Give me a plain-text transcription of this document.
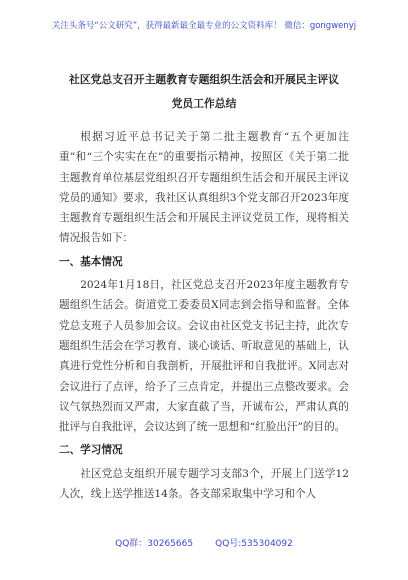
关注头条号“公文研究”，获得最新最全最专业的公文资料库！ 微信：gongwenyj
社区党总支召开主题教育专题组织生活会和开展民主评议
党员工作总结

根据习近平总书记关于第二批主题教育“五个更加注重”和“三个实实在在”的重要指示精神，按照区《关于第二批主题教育单位基层党组织召开专题组织生活会和开展民主评议党员的通知》要求，我社区认真组织3个党支部召开2023年度主题教育专题组织生活会和开展民主评议党员工作，现将相关情况报告如下：

一、基本情况

2024年1月18日，社区党总支召开2023年度主题教育专题组织生活会。街道党工委委员X同志到会指导和监督。全体党总支班子人员参加会议。会议由社区党支书记主持，此次专题组织生活会在学习教育、谈心谈话、听取意见的基础上，认真进行党性分析和自我剖析，开展批评和自我批评。X同志对会议进行了点评，给予了三点肯定，并提出三点整改要求。会议气氛热烈而又严肃，大家直截了当，开诚布公，严肃认真的批评与自我批评，会议达到了统一思想和“红脸出汗”的目的。

二、学习情况

社区党总支组织开展专题学习支部3个，开展上门送学12人次，线上送学推送14条。各支部采取集中学习和个人

QQ群：30265665 QQ号:535304092
